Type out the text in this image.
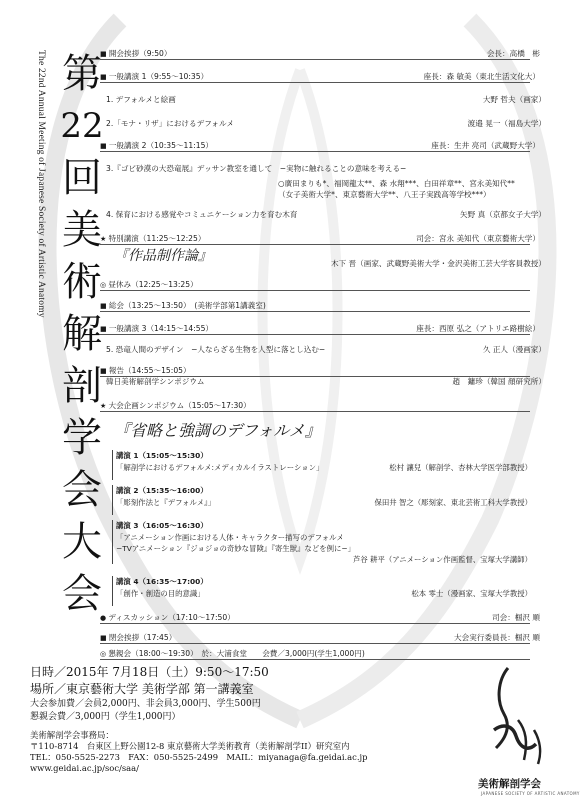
第
22
回
美
術
解
剖
学
会
大
会
The 22nd Annual Meeting of Japanese Society of Artistic Anatomy
■	開会挨拶（9:50）	会長：高橋　彬
■ 一般講演 1（9:55〜10:35）	座長：森 敏美（東北生活文化大）
1. デフォルメと絵画	大野 哲夫（画家）
2.「モナ・リザ」におけるデフォルメ	渡邉 晃一（福島大学）
■ 一般講演 2（10:35〜11:15）	座長：生井 亮司（武蔵野大学）
3.『ゴビ砂漠の大恐竜展』デッサン教室を通して　−実物に触れることの意味を考える−
○廣田まりも*、福岡龍太**、森 水翔***、白田祥章**、宮永美知代**
（女子美術大学*、東京藝術大学**、八王子実践高等学校***）
4. 保育における感覚やコミュニケーション力を育む木育	矢野 真（京都女子大学）
★ 特別講演（11:25〜12:25）	司会：宮永 美知代（東京藝術大学）
木下 晋（画家、武蔵野美術大学・金沢美術工芸大学客員教授）
◎ 昼休み（12:25〜13:25）
■ 総会（13:25〜13:50）　(美術学部第1講義室)
■ 一般講演 3（14:15〜14:55）	座長：西原 弘之（アトリエ路樹絵）
5. 恐竜人間のデザイン　−人ならざる生物を人型に落とし込む−	久 正人（漫画家）
■ 報告（14:55〜15:05）
韓日美術解剖学シンポジウム	趙　鏞珍（韓国 顔研究所）
★ 大会企画シンポジウム（15:05〜17:30）
『作品制作論』
『省略と強調のデフォルメ』
講演 1（15:05〜15:30）
「解剖学におけるデフォルメ:メディカルイラストレーション」	松村 讓兒（解剖学、杏林大学医学部教授）
講演 2（15:35〜16:00）
「彫刻作法と『デフォルメ』」	保田井 智之（彫刻家、東北芸術工科大学教授）
講演 3（16:05〜16:30）
「アニメーション作画における人体・キャラクター描写のデフォルメ
−TVアニメーション『ジョジョの奇妙な冒険』『寄生獣』などを例に−」
芦谷 耕平（アニメーション作画監督、宝塚大学講師）
講演 4（16:35〜17:00）
「創作・創造の目的意識」	松本 零士（漫画家、宝塚大学教授）
● ディスカッション（17:10〜17:50）	司会：椢沢 順
■ 閉会挨拶（17:45）	大会実行委員長：椢沢 順
◎ 懇親会（18:00〜19:30）　於：大浦食堂　　会費／3,000円(学生1,000円)
日時／2015年 7月18日（土）9:50〜17:50
場所／東京藝術大学 美術学部 第一講義室
大会参加費／会員2,000円、非会員3,000円、学生500円
懇親会費／3,000円（学生1,000円）
美術解剖学会事務局：
〒110-8714　台東区上野公園12-8 東京藝術大学美術教育（美術解剖学II）研究室内
TEL：050-5525-2273　FAX：050-5525-2499　MAIL：miyanaga@fa.geidai.ac.jp
www.geidai.ac.jp/soc/saa/
美術解剖学会
JAPANESE SOCIETY OF ARTISTIC ANATOMY
